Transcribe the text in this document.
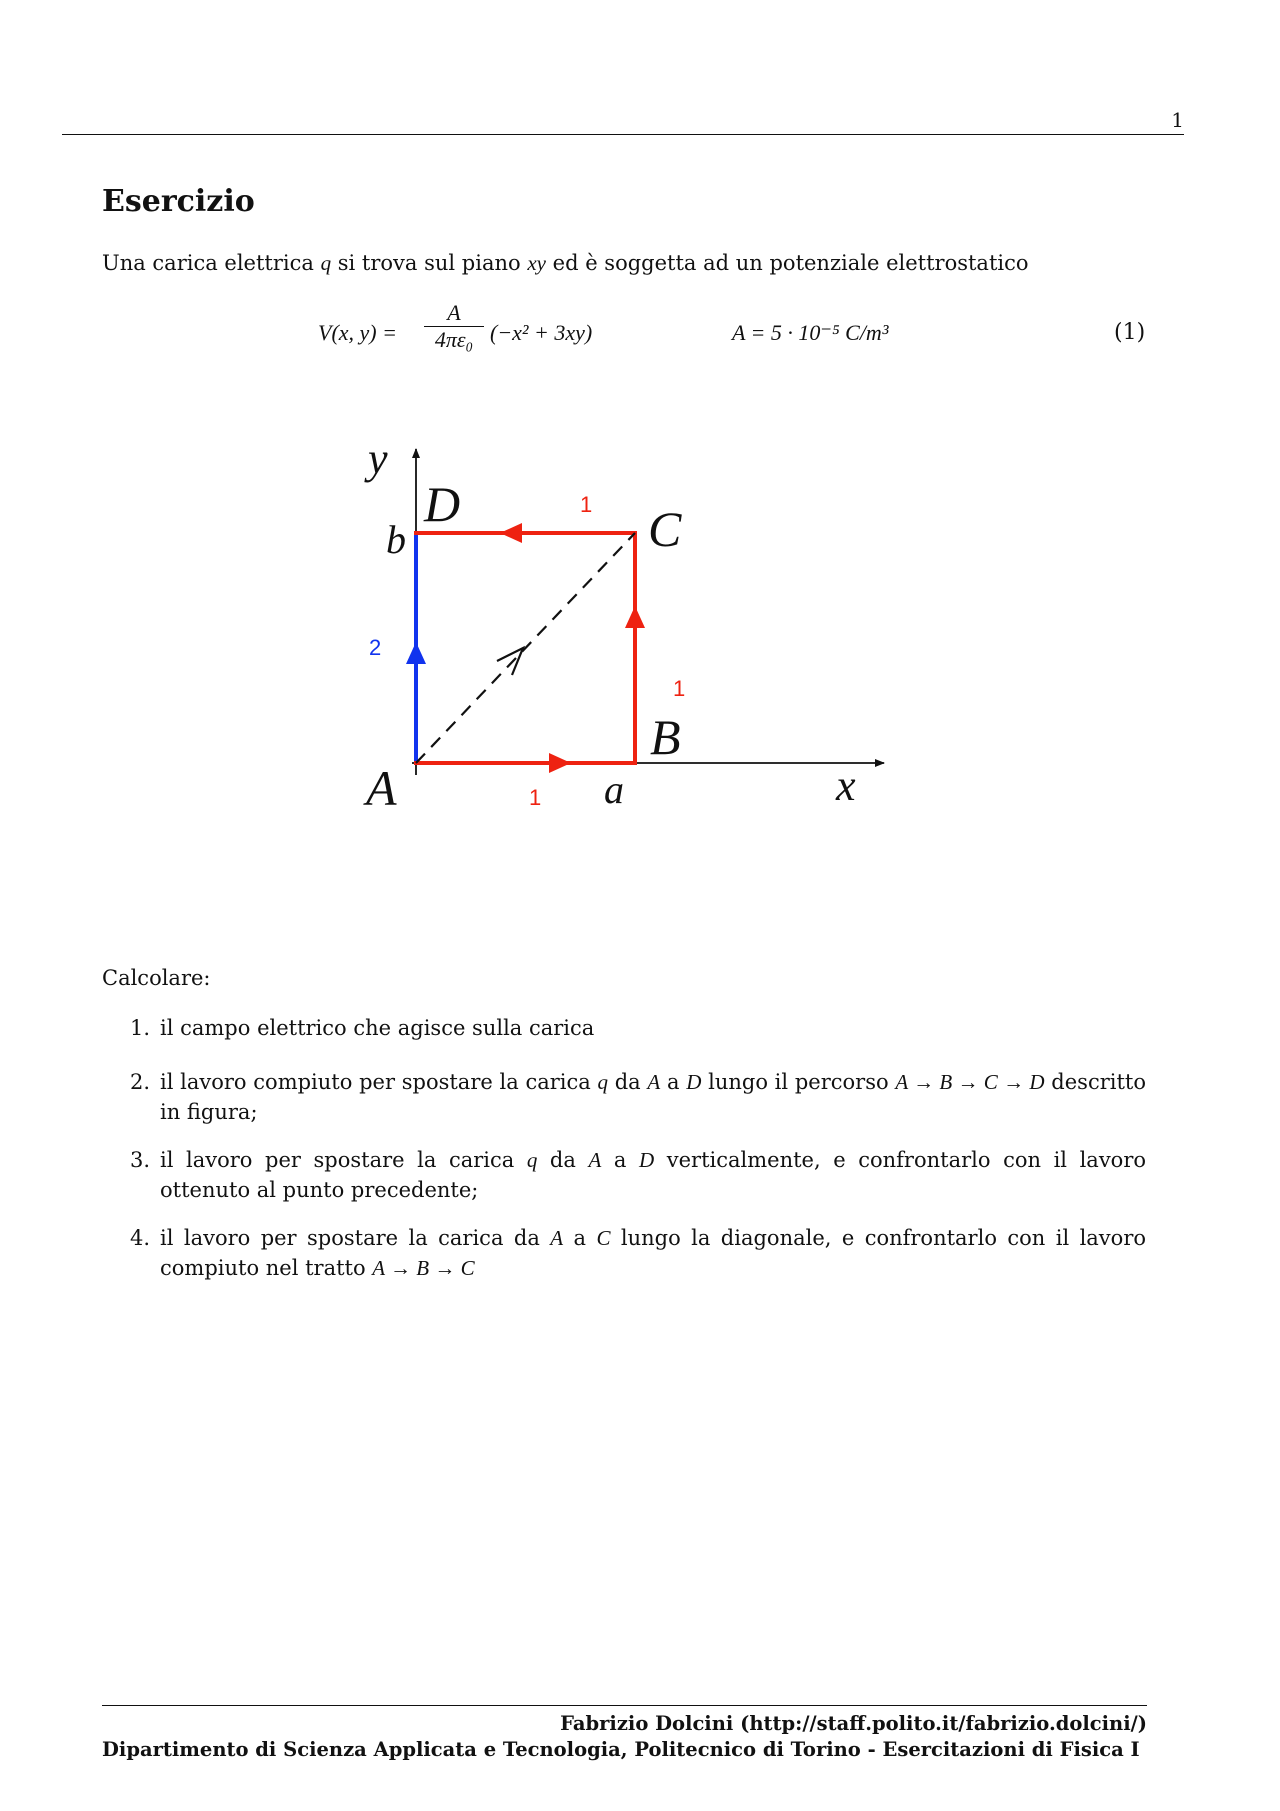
1
Esercizio
Una carica elettrica q si trova sul piano xy ed è soggetta ad un potenziale elettrostatico
V(x, $y) = \frac{A}{\text{4πε₀}} (-x^2 + 3xy)$	A = 5 · 10⁻⁵ C/m³	(1)
y
x
A
B
C
D
a
b
1
1
1
2
Calcolare:
1. il campo elettrico che agisce sulla carica
2. il lavoro compiuto per spostare la carica q da A a D lungo il percorso A → B → C → D descritto in figura;
3. il lavoro per spostare la carica q da A a D verticalmente, e confrontarlo con il lavoro ottenuto al punto precedente;
4. il lavoro per spostare la carica da A a C lungo la diagonale, e confrontarlo con il lavoro compiuto nel tratto A → B → C
Fabrizio Dolcini (http://staff.polito.it/fabrizio.dolcini/)
Dipartimento di Scienza Applicata e Tecnologia, Politecnico di Torino - Esercitazioni di Fisica I
